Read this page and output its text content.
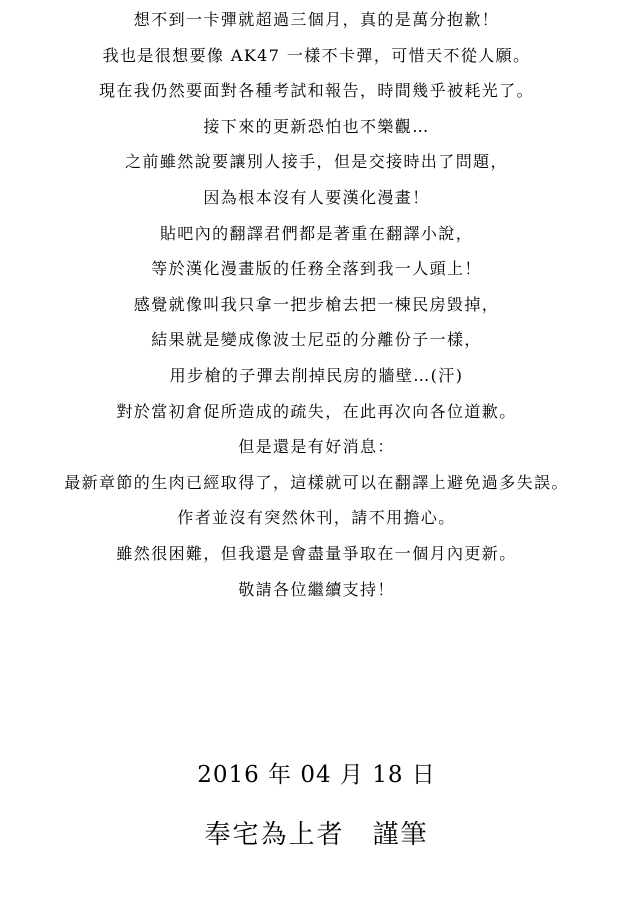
想不到一卡彈就超過三個月，真的是萬分抱歉！
我也是很想要像 AK47 一樣不卡彈，可惜天不從人願。
現在我仍然要面對各種考試和報告，時間幾乎被耗光了。
接下來的更新恐怕也不樂觀…
之前雖然說要讓別人接手，但是交接時出了問題，
因為根本沒有人要漢化漫畫！
貼吧內的翻譯君們都是著重在翻譯小說，
等於漢化漫畫版的任務全落到我一人頭上！
感覺就像叫我只拿一把步槍去把一棟民房毀掉，
結果就是變成像波士尼亞的分離份子一樣，
用步槍的子彈去削掉民房的牆壁…(汗)
對於當初倉促所造成的疏失，在此再次向各位道歉。
但是還是有好消息：
最新章節的生肉已經取得了，這樣就可以在翻譯上避免過多失誤。
作者並沒有突然休刊，請不用擔心。
雖然很困難，但我還是會盡量爭取在一個月內更新。
敬請各位繼續支持！
2016 年 04 月 18 日
奉宅為上者　謹筆
